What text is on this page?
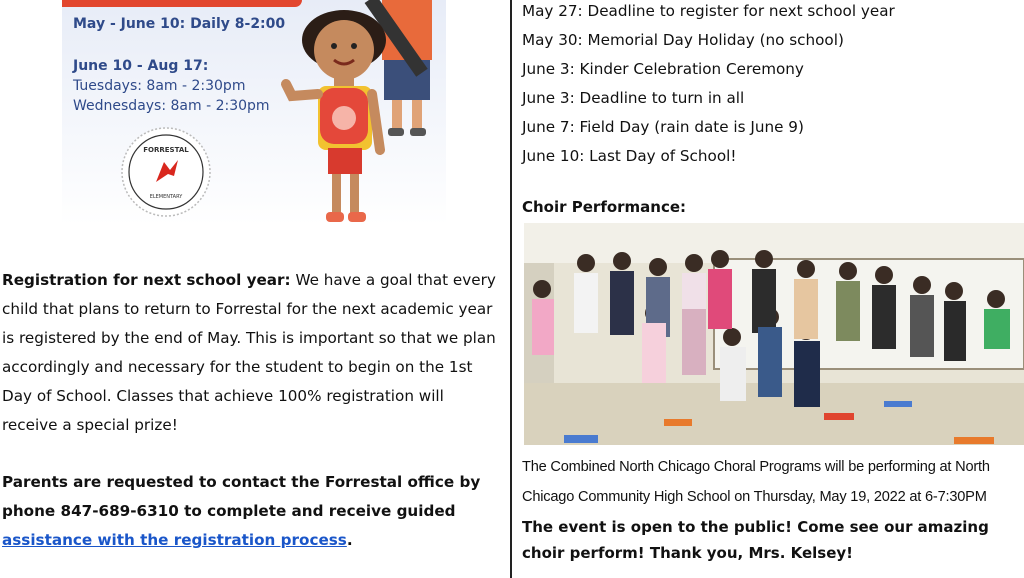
May - June 10: Daily 8-2:00
June 10 - Aug 17:
Tuesdays: 8am - 2:30pm
Wednesdays: 8am - 2:30pm
FORRESTAL
ELEMENTARY
Registration for next school year: We have a goal that every child that plans to return to Forrestal for the next academic year is registered by the end of May. This is important so that we plan accordingly and necessary for the student to begin on the 1st Day of School. Classes that achieve 100% registration will receive a special prize!
Parents are requested to contact the Forrestal office by phone 847-689-6310 to complete and receive guided assistance with the registration process.
May 27: Deadline to register for next school year
May 30: Memorial Day Holiday (no school)
June 3: Kinder Celebration Ceremony
June 3: Deadline to turn in all
June 7: Field Day (rain date is June 9)
June 10: Last Day of School!
Choir Performance:
The Combined North Chicago Choral Programs will be performing at North Chicago Community High School on Thursday, May 19, 2022 at 6-7:30PM
The event is open to the public! Come see our amazing choir perform! Thank you, Mrs. Kelsey!
